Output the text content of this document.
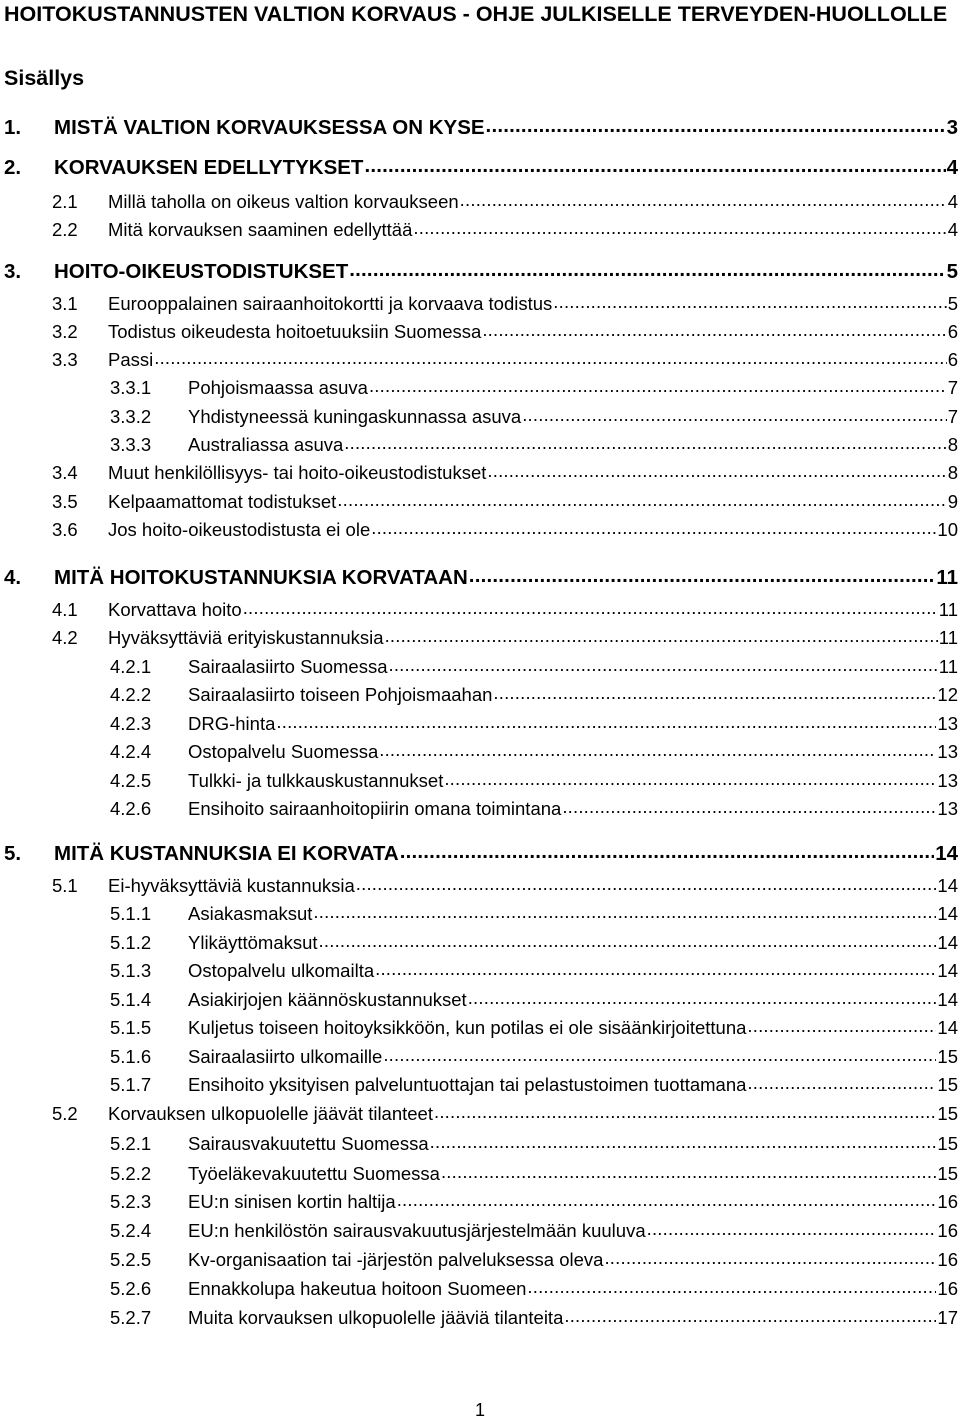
HOITOKUSTANNUSTEN VALTION KORVAUS - OHJE JULKISELLE TERVEYDEN-HUOLLOLLE
Sisällys
1.	MISTÄ VALTION KORVAUKSESSA ON KYSE .....	3
2.	KORVAUKSEN EDELLYTYKSET .....	4
2.1	Millä taholla on oikeus valtion korvaukseen .....	4
2.2	Mitä korvauksen saaminen edellyttää .....	4
3.	HOITO-OIKEUSTODISTUKSET .....	5
3.1	Eurooppalainen sairaanhoitokortti ja korvaava todistus .....	5
3.2	Todistus oikeudesta hoitoetuuksiin Suomessa .....	6
3.3	Passi .....	6
3.3.1	Pohjoismaassa asuva .....	7
3.3.2	Yhdistyneessä kuningaskunnassa asuva .....	7
3.3.3	Australiassa asuva .....	8
3.4	Muut henkilöllisyys- tai hoito-oikeustodistukset .....	8
3.5	Kelpaamattomat todistukset .....	9
3.6	Jos hoito-oikeustodistusta ei ole .....	10
4.	MITÄ HOITOKUSTANNUKSIA KORVATAAN .....	11
4.1	Korvattava hoito .....	11
4.2	Hyväksyttäviä erityiskustannuksia .....	11
4.2.1	Sairaalasiirto Suomessa .....	11
4.2.2	Sairaalasiirto toiseen Pohjoismaahan .....	12
4.2.3	DRG-hinta .....	13
4.2.4	Ostopalvelu Suomessa .....	13
4.2.5	Tulkki- ja tulkkauskustannukset .....	13
4.2.6	Ensihoito sairaanhoitopiirin omana toimintana .....	13
5.	MITÄ KUSTANNUKSIA EI KORVATA .....	14
5.1	Ei-hyväksyttäviä kustannuksia .....	14
5.1.1	Asiakasmaksut .....	14
5.1.2	Ylikäyttömaksut .....	14
5.1.3	Ostopalvelu ulkomailta .....	14
5.1.4	Asiakirjojen käännöskustannukset .....	14
5.1.5	Kuljetus toiseen hoitoyksikköön, kun potilas ei ole sisäänkirjoitettuna .....	14
5.1.6	Sairaalasiirto ulkomaille .....	15
5.1.7	Ensihoito yksityisen palveluntuottajan tai pelastustoimen tuottamana .....	15
5.2	Korvauksen ulkopuolelle jäävät tilanteet .....	15
5.2.1	Sairausvakuutettu Suomessa .....	15
5.2.2	Työeläkevakuutettu Suomessa .....	15
5.2.3	EU:n sinisen kortin haltija .....	16
5.2.4	EU:n henkilöstön sairausvakuutusjärjestelmään kuuluva .....	16
5.2.5	Kv-organisaation tai -järjestön palveluksessa oleva .....	16
5.2.6	Ennakkolupa hakeutua hoitoon Suomeen .....	16
5.2.7	Muita korvauksen ulkopuolelle jääviä tilanteita .....	17
1
